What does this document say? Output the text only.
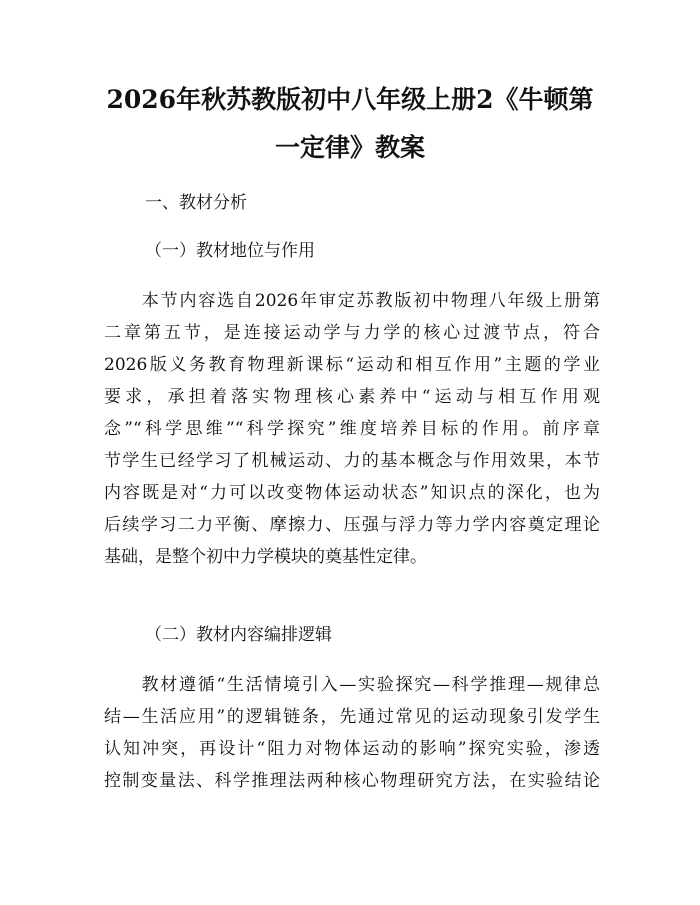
2026年秋苏教版初中八年级上册2《牛顿第
一定律》教案
一、教材分析
（一）教材地位与作用
　　本节内容选自2026年审定苏教版初中物理八年级上册第
二章第五节，是连接运动学与力学的核心过渡节点，符合
2026版义务教育物理新课标“运动和相互作用”主题的学业
要求，承担着落实物理核心素养中“运动与相互作用观
念”“科学思维”“科学探究”维度培养目标的作用。前序章
节学生已经学习了机械运动、力的基本概念与作用效果，本节
内容既是对“力可以改变物体运动状态”知识点的深化，也为
后续学习二力平衡、摩擦力、压强与浮力等力学内容奠定理论
基础，是整个初中力学模块的奠基性定律。
（二）教材内容编排逻辑
　　教材遵循“生活情境引入—实验探究—科学推理—规律总
结—生活应用”的逻辑链条，先通过常见的运动现象引发学生
认知冲突，再设计“阻力对物体运动的影响”探究实验，渗透
控制变量法、科学推理法两种核心物理研究方法，在实验结论
